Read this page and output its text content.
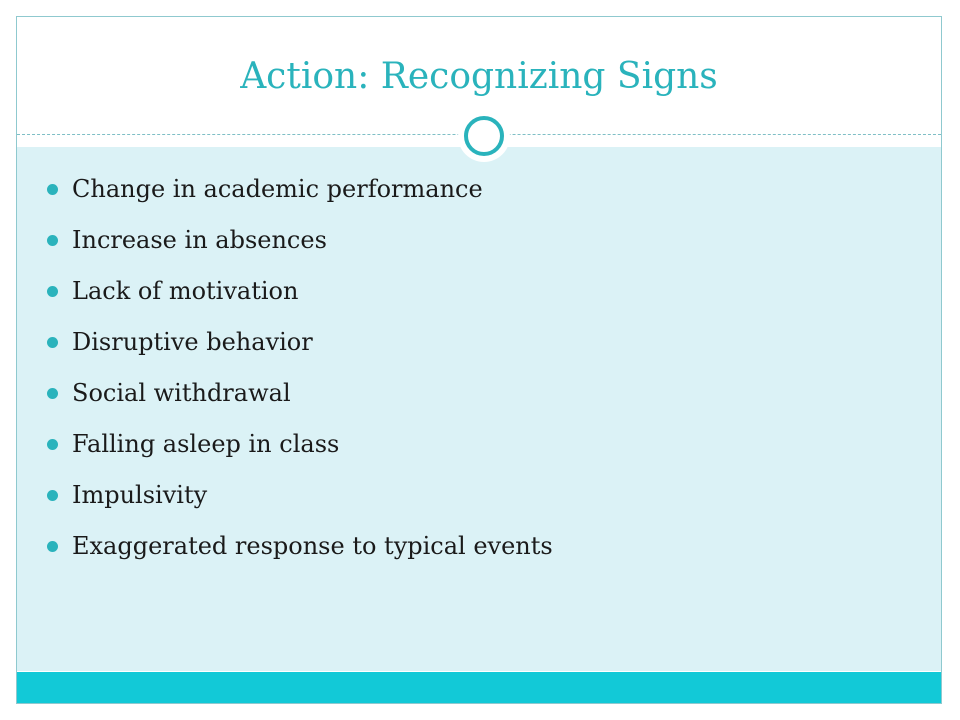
Action: Recognizing Signs
Change in academic performance
Increase in absences
Lack of motivation
Disruptive behavior
Social withdrawal
Falling asleep in class
Impulsivity
Exaggerated response to typical events
